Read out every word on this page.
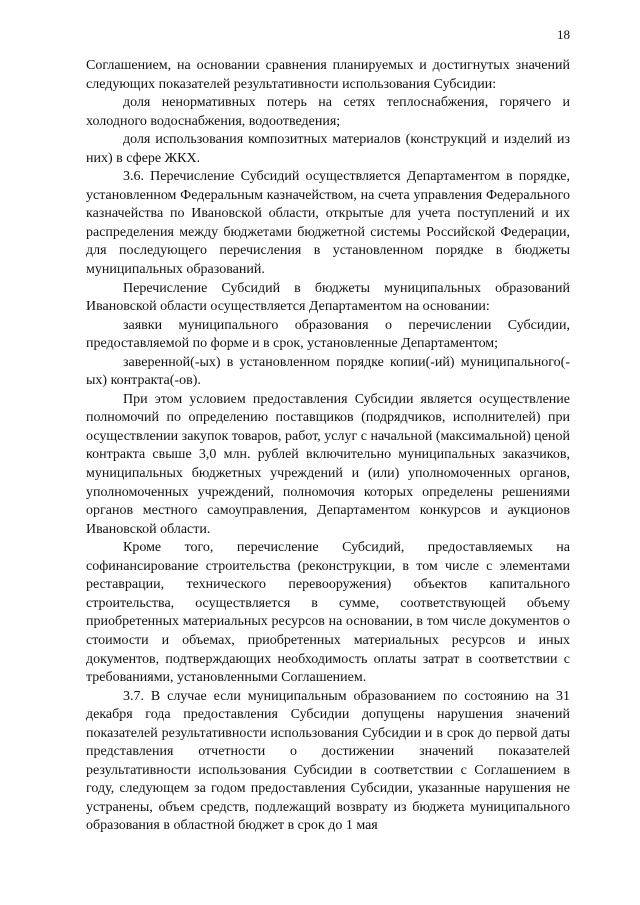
18

Соглашением, на основании сравнения планируемых и достигнутых значений следующих показателей результативности использования Субсидии:

доля ненормативных потерь на сетях теплоснабжения, горячего и холодного водоснабжения, водоотведения;

доля использования композитных материалов (конструкций и изделий из них) в сфере ЖКХ.

3.6. Перечисление Субсидий осуществляется Департаментом в порядке, установленном Федеральным казначейством, на счета управления Федерального казначейства по Ивановской области, открытые для учета поступлений и их распределения между бюджетами бюджетной системы Российской Федерации, для последующего перечисления в установленном порядке в бюджеты муниципальных образований.

Перечисление Субсидий в бюджеты муниципальных образований Ивановской области осуществляется Департаментом на основании:

заявки муниципального образования о перечислении Субсидии, предоставляемой по форме и в срок, установленные Департаментом;

заверенной(-ых) в установленном порядке копии(-ий) муниципального(-ых) контракта(-ов).

При этом условием предоставления Субсидии является осуществление полномочий по определению поставщиков (подрядчиков, исполнителей) при осуществлении закупок товаров, работ, услуг с начальной (максимальной) ценой контракта свыше 3,0 млн. рублей включительно муниципальных заказчиков, муниципальных бюджетных учреждений и (или) уполномоченных органов, уполномоченных учреждений, полномочия которых определены решениями органов местного самоуправления, Департаментом конкурсов и аукционов Ивановской области.

Кроме того, перечисление Субсидий, предоставляемых на софинансирование строительства (реконструкции, в том числе с элементами реставрации, технического перевооружения) объектов капитального строительства, осуществляется в сумме, соответствующей объему приобретенных материальных ресурсов на основании, в том числе документов о стоимости и объемах, приобретенных материальных ресурсов и иных документов, подтверждающих необходимость оплаты затрат в соответствии с требованиями, установленными Соглашением.

3.7. В случае если муниципальным образованием по состоянию на 31 декабря года предоставления Субсидии допущены нарушения значений показателей результативности использования Субсидии и в срок до первой даты представления отчетности о достижении значений показателей результативности использования Субсидии в соответствии с Соглашением в году, следующем за годом предоставления Субсидии, указанные нарушения не устранены, объем средств, подлежащий возврату из бюджета муниципального образования в областной бюджет в срок до 1 мая
